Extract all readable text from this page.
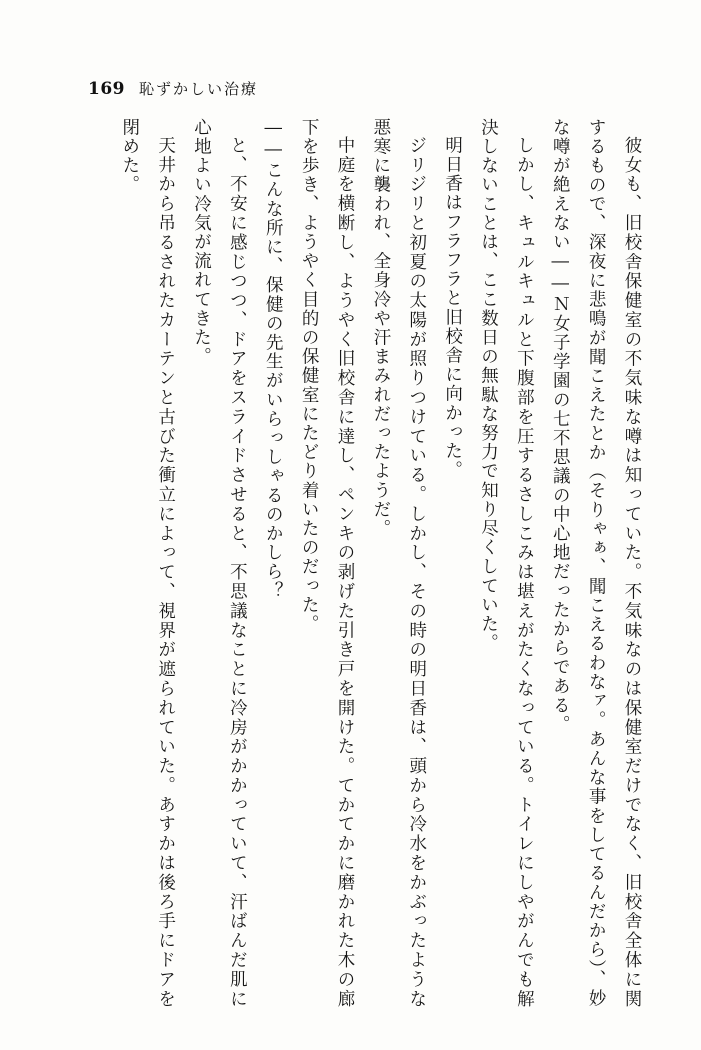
169 恥ずかしい治療

彼女も、旧校舎保健室の不気味な噂は知っていた。不気味なのは保健室だけでなく、旧校舎全体に関するもので、深夜に悲鳴が聞こえたとか（そりゃぁ、聞こえるわなァ。あんな事をしてるんだから）、妙な噂が絶えない――Ｎ女子学園の七不思議の中心地だったからである。

しかし、キュルキュルと下腹部を圧するさしこみは堪えがたくなっている。トイレにしやがんでも解決しないことは、ここ数日の無駄な努力で知り尽くしていた。

明日香はフラフラと旧校舎に向かった。

ジリジリと初夏の太陽が照りつけている。しかし、その時の明日香は、頭から冷水をかぶったような悪寒に襲われ、全身冷や汗まみれだったようだ。

中庭を横断し、ようやく旧校舎に達し、ペンキの剥げた引き戸を開けた。てかてかに磨かれた木の廊下を歩き、ようやく目的の保健室にたどり着いたのだった。

――こんな所に、保健の先生がいらっしゃるのかしら？

と、不安に感じつつ、ドアをスライドさせると、不思議なことに冷房がかかっていて、汗ばんだ肌に心地よい冷気が流れてきた。

天井から吊るされたカーテンと古びた衝立によって、視界が遮られていた。あすかは後ろ手にドアを閉めた。
